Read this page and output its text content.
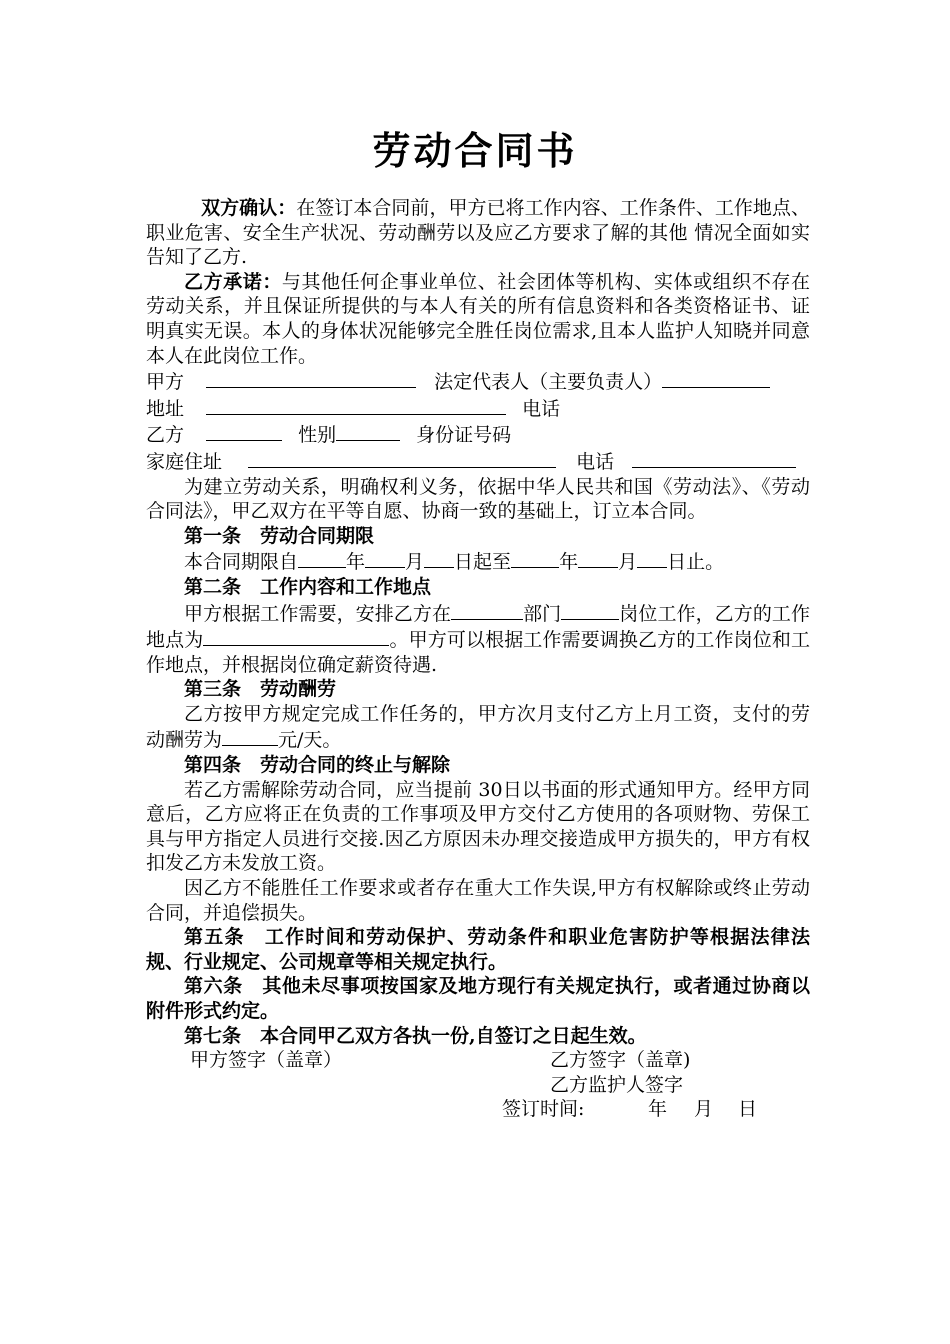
劳动合同书

双方确认：在签订本合同前，甲方已将工作内容、工作条件、工作地点、职业危害、安全生产状况、劳动酬劳以及应乙方要求了解的其他 情况全面如实告知了乙方.

乙方承诺：与其他任何企事业单位、社会团体等机构、实体或组织不存在劳动关系，并且保证所提供的与本人有关的所有信息资料和各类资格证书、证明真实无误。本人的身体状况能够完全胜任岗位需求,且本人监护人知晓并同意本人在此岗位工作。

甲方	法定代表人（主要负责人）
地址	电话
乙方	性别	身份证号码
家庭住址	电话

为建立劳动关系，明确权利义务，依据中华人民共和国《劳动法》、《劳动合同法》，甲乙双方在平等自愿、协商一致的基础上，订立本合同。

第一条　劳动合同期限

本合同期限自	年 月 日起至	年 月 日止。

第二条　工作内容和工作地点

甲方根据工作需要，安排乙方在	部门	岗位工作，乙方的工作地点为	。甲方可以根据工作需要调换乙方的工作岗位和工作地点，并根据岗位确定薪资待遇.

第三条　劳动酬劳

乙方按甲方规定完成工作任务的，甲方次月支付乙方上月工资，支付的劳动酬劳为	元/天。

第四条　劳动合同的终止与解除

若乙方需解除劳动合同，应当提前 30日以书面的形式通知甲方。经甲方同意后，乙方应将正在负责的工作事项及甲方交付乙方使用的各项财物、劳保工具与甲方指定人员进行交接.因乙方原因未办理交接造成甲方损失的，甲方有权扣发乙方未发放工资。

因乙方不能胜任工作要求或者存在重大工作失误,甲方有权解除或终止劳动合同，并追偿损失。

第五条　工作时间和劳动保护、劳动条件和职业危害防护等根据法律法规、行业规定、公司规章等相关规定执行。

第六条　其他未尽事项按国家及地方现行有关规定执行，或者通过协商以附件形式约定。

第七条　本合同甲乙双方各执一份,自签订之日起生效。

甲方签字（盖章）	乙方签字（盖章)
乙方监护人签字
签订时间:	年 月 日
